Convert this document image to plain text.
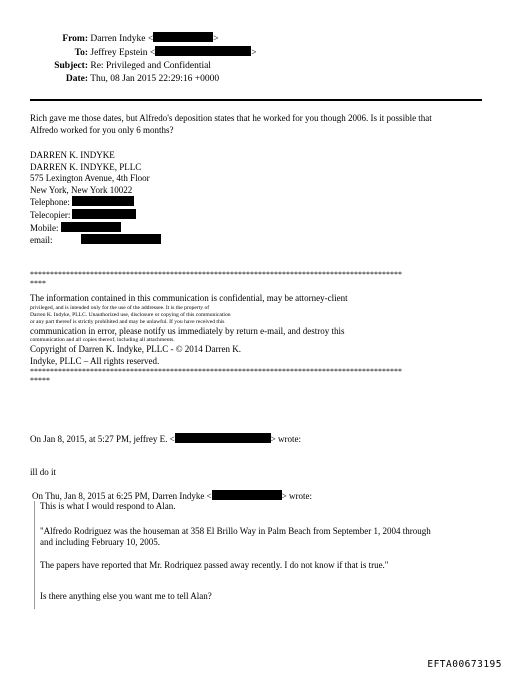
From: Darren Indyke <	>
To: Jeffrey Epstein <	>
Subject: Re: Privileged and Confidential
Date: Thu, 08 Jan 2015 22:29:16 +0000
Rich gave me those dates, but Alfredo's deposition states that he worked for you though 2006. Is it possible that
Alfredo worked for you only 6 months?
DARREN K. INDYKE
DARREN K. INDYKE, PLLC
575 Lexington Avenue, 4th Floor
New York, New York 10022
Telephone:
Telecopier:
Mobile:
email:
*********************************************************************************************
****
The information contained in this communication is confidential, may be attorney-client
privileged, and is intended only for the use of the addressee. It is the property of
Darren K. Indyke, PLLC. Unauthorized use, disclosure or copying of this communication
or any part thereof is strictly prohibited and may be unlawful. If you have received this
communication in error, please notify us immediately by return e-mail, and destroy this
communication and all copies thereof, including all attachments.
Copyright of Darren K. Indyke, PLLC - © 2014 Darren K.
Indyke, PLLC – All rights reserved.
*********************************************************************************************
*****
On Jan 8, 2015, at 5:27 PM, jeffrey E. <	> wrote:
ill do it
On Thu, Jan 8, 2015 at 6:25 PM, Darren Indyke <	> wrote:
This is what I would respond to Alan.
"Alfredo Rodriguez was the houseman at 358 El Brillo Way in Palm Beach from September 1, 2004 through
and including February 10, 2005.
The papers have reported that Mr. Rodriquez passed away recently. I do not know if that is true."
Is there anything else you want me to tell Alan?
EFTA00673195
